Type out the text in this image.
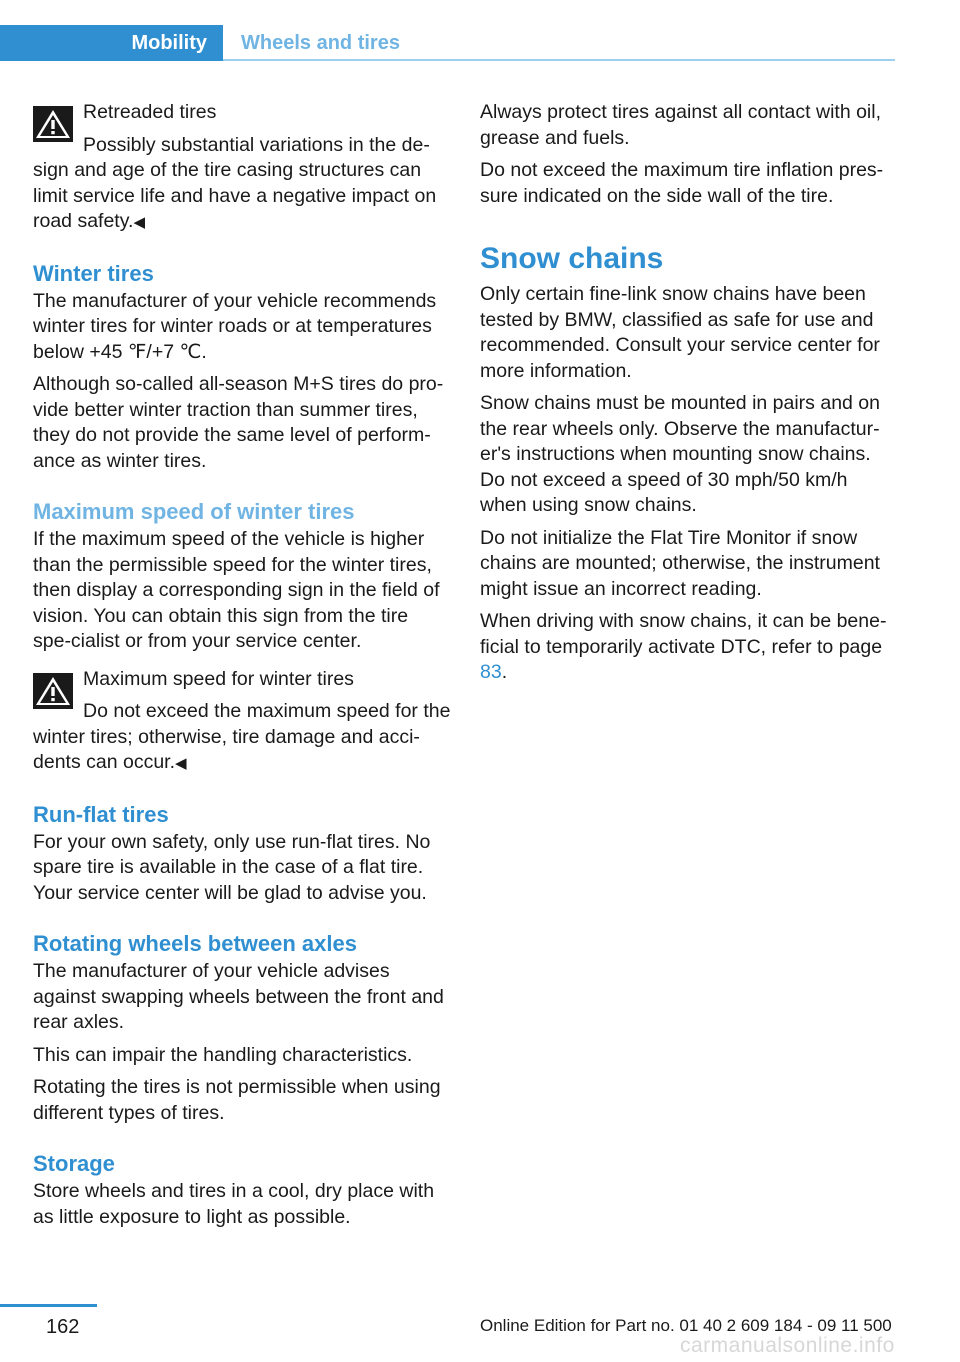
Mobility	Wheels and tires
Retreaded tires
Possibly substantial variations in the de‐sign and age of the tire casing structures can limit service life and have a negative impact on road safety.◀
Winter tires

The manufacturer of your vehicle recommends winter tires for winter roads or at temperatures below +45 ℉/+7 ℃.

Although so-called all-season M+S tires do pro‐vide better winter traction than summer tires, they do not provide the same level of perform‐ance as winter tires.

Maximum speed of winter tires

If the maximum speed of the vehicle is higher than the permissible speed for the winter tires, then display a corresponding sign in the field of vision. You can obtain this sign from the tire spe‐cialist or from your service center.

Maximum speed for winter tires
Do not exceed the maximum speed for the winter tires; otherwise, tire damage and acci‐dents can occur.◀
Run-flat tires

For your own safety, only use run-flat tires. No spare tire is available in the case of a flat tire. Your service center will be glad to advise you.

Rotating wheels between axles

The manufacturer of your vehicle advises against swapping wheels between the front and rear axles.

This can impair the handling characteristics.

Rotating the tires is not permissible when using different types of tires.

Storage

Store wheels and tires in a cool, dry place with as little exposure to light as possible.

Always protect tires against all contact with oil, grease and fuels.

Do not exceed the maximum tire inflation pres‐sure indicated on the side wall of the tire.

Snow chains

Only certain fine-link snow chains have been tested by BMW, classified as safe for use and recommended. Consult your service center for more information.

Snow chains must be mounted in pairs and on the rear wheels only. Observe the manufactur‐er's instructions when mounting snow chains. Do not exceed a speed of 30 mph/50 km/h when using snow chains.

Do not initialize the Flat Tire Monitor if snow chains are mounted; otherwise, the instrument might issue an incorrect reading.

When driving with snow chains, it can be bene‐ficial to temporarily activate DTC, refer to page 83.

162	Online Edition for Part no. 01 40 2 609 184 - 09 11 500
carmanualsonline.info
